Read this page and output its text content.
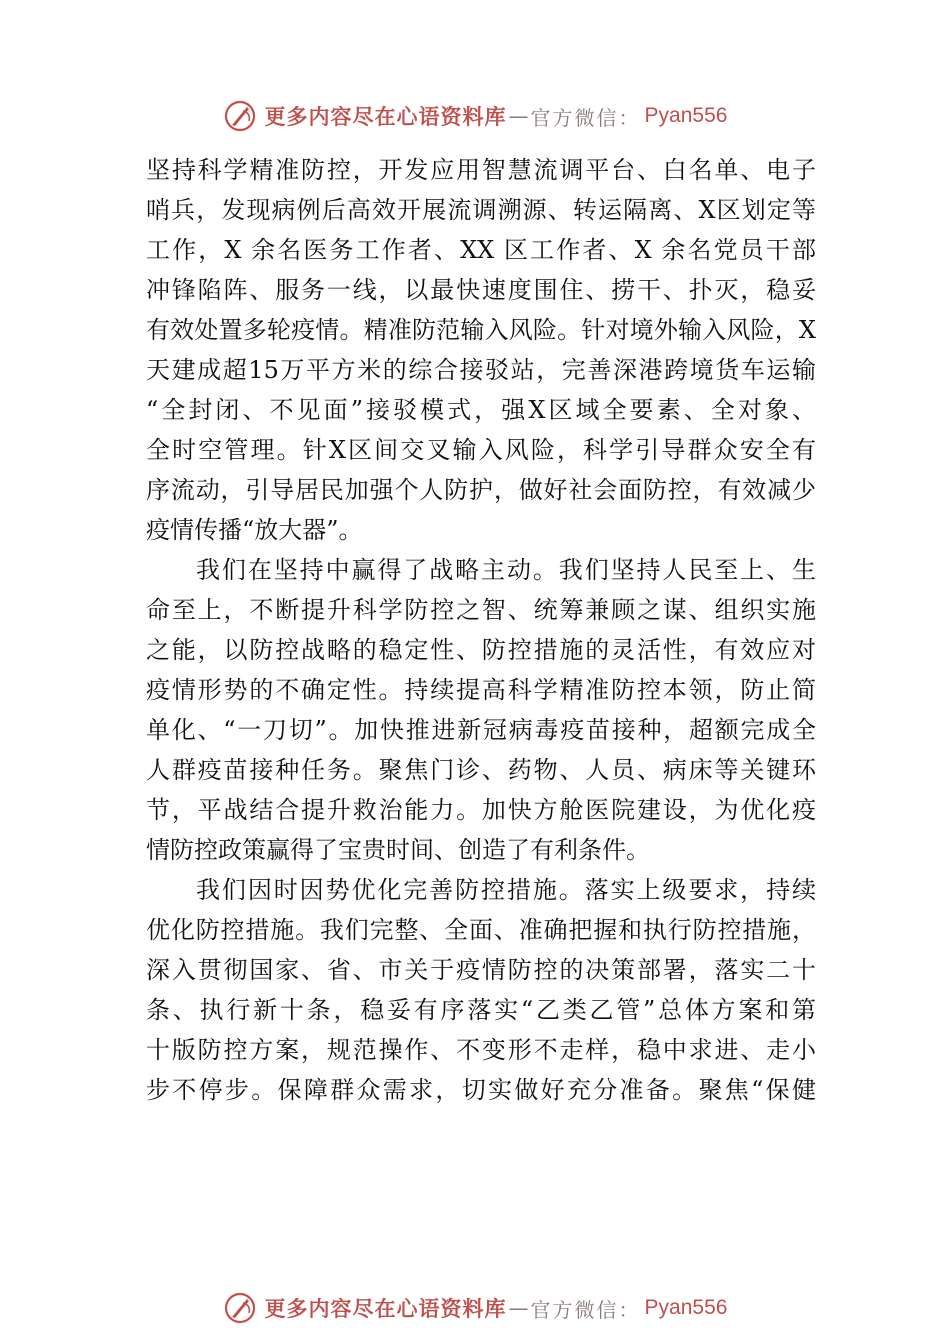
更多内容尽在心语资料库 — 官方微信： Pyan556
坚持科学精准防控，开发应用智慧流调平台、白名单、电子
哨兵，发现病例后高效开展流调溯源、转运隔离、X区划定等
工作，X 余名医务工作者、XX 区工作者、X 余名党员干部
冲锋陷阵、服务一线，以最快速度围住、捞干、扑灭，稳妥
有效处置多轮疫情。精准防范输入风险。针对境外输入风险，X
天建成超15万平方米的综合接驳站，完善深港跨境货车运输
“全封闭、不见面”接驳模式，强X区域全要素、全对象、
全时空管理。针X区间交叉输入风险，科学引导群众安全有
序流动，引导居民加强个人防护，做好社会面防控，有效减少
疫情传播“放大器”。
我们在坚持中赢得了战略主动。我们坚持人民至上、生
命至上，不断提升科学防控之智、统筹兼顾之谋、组织实施
之能，以防控战略的稳定性、防控措施的灵活性，有效应对
疫情形势的不确定性。持续提高科学精准防控本领，防止简
单化、“一刀切”。加快推进新冠病毒疫苗接种，超额完成全
人群疫苗接种任务。聚焦门诊、药物、人员、病床等关键环
节，平战结合提升救治能力。加快方舱医院建设，为优化疫
情防控政策赢得了宝贵时间、创造了有利条件。
我们因时因势优化完善防控措施。落实上级要求，持续
优化防控措施。我们完整、全面、准确把握和执行防控措施，
深入贯彻国家、省、市关于疫情防控的决策部署，落实二十
条、执行新十条，稳妥有序落实“乙类乙管”总体方案和第
十版防控方案，规范操作、不变形不走样，稳中求进、走小
步不停步。保障群众需求，切实做好充分准备。聚焦“保健
更多内容尽在心语资料库 — 官方微信： Pyan556
